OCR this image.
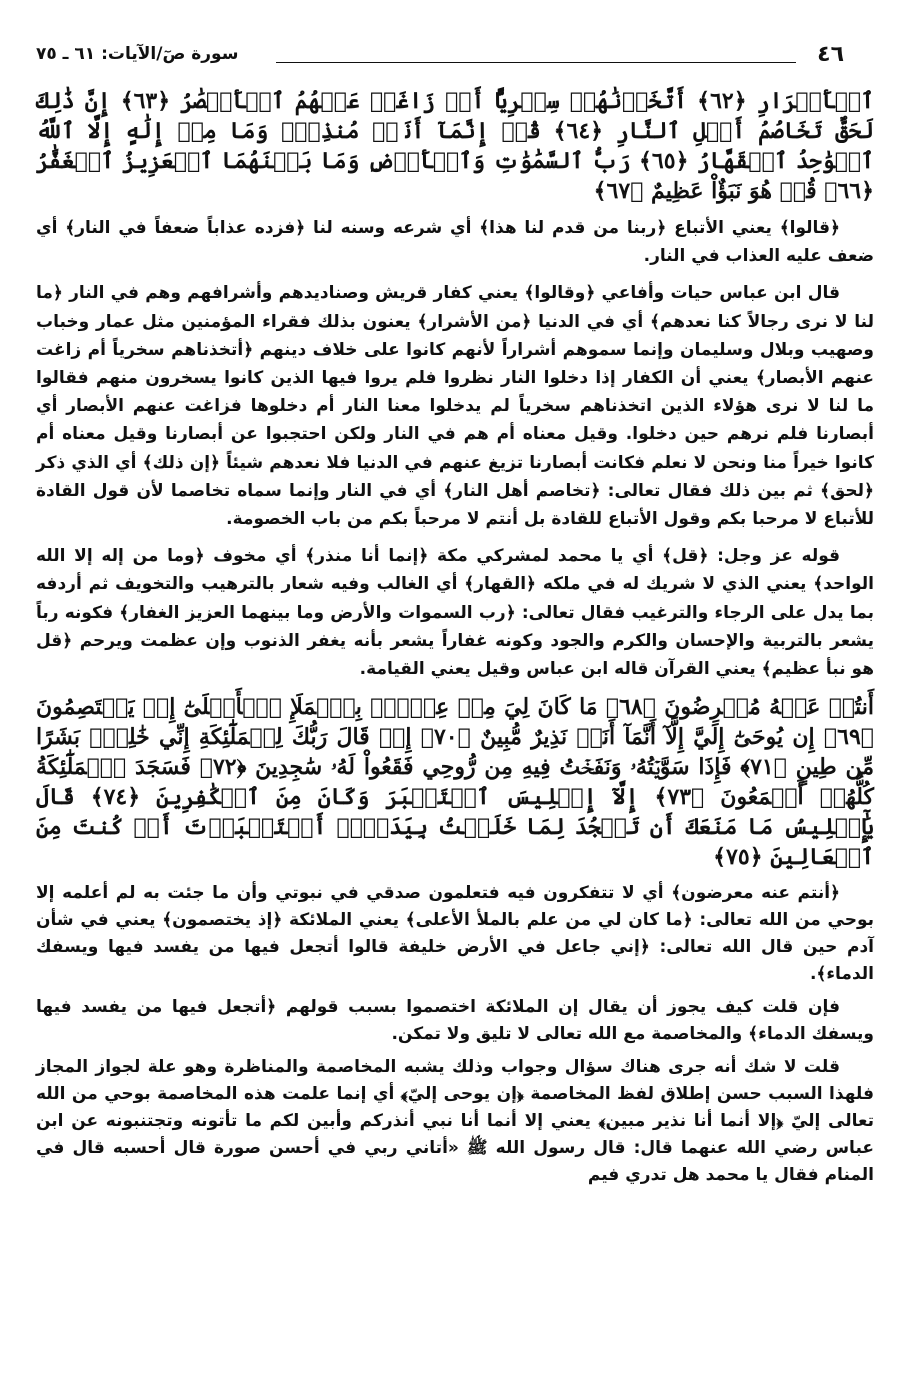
٤٦
سورة صٓ/الآيات: ٦١ ـ ٧٥

ٱلۡأَشۡرَارِ ﴿٦٢﴾ أَتَّخَذۡنَٰهُمۡ سِخۡرِيًّا أَمۡ زَاغَتۡ عَنۡهُمُ ٱلۡأَبۡصَٰرُ ﴿٦٣﴾ إِنَّ ذَٰلِكَ لَحَقٌّ تَخَاصُمُ أَهۡلِ ٱلنَّارِ ﴿٦٤﴾ قُلۡ إِنَّمَآ أَنَا۠ مُنذِرٌۖ وَمَا مِنۡ إِلَٰهٍ إِلَّا ٱللَّهُ ٱلۡوَٰحِدُ ٱلۡقَهَّارُ ﴿٦٥﴾ رَبُّ ٱلسَّمَٰوَٰتِ وَٱلۡأَرۡضِ وَمَا بَيۡنَهُمَا ٱلۡعَزِيزُ ٱلۡغَفَّٰرُ ﴿٦٦﴾ قُلۡ هُوَ نَبَؤٌاْ عَظِيمٌ ﴿٦٧﴾

﴿قالوا﴾ يعني الأتباع ﴿ربنا من قدم لنا هذا﴾ أي شرعه وسنه لنا ﴿فزده عذاباً ضعفاً في النار﴾ أي ضعف عليه العذاب في النار.

قال ابن عباس حيات وأفاعي ﴿وقالوا﴾ يعني كفار قريش وصناديدهم وأشرافهم وهم في النار ﴿ما لنا لا نرى رجالاً كنا نعدهم﴾ أي في الدنيا ﴿من الأشرار﴾ يعنون بذلك فقراء المؤمنين مثل عمار وخباب وصهيب وبلال وسليمان وإنما سموهم أشراراً لأنهم كانوا على خلاف دينهم ﴿أتخذناهم سخرياً أم زاغت عنهم الأبصار﴾ يعني أن الكفار إذا دخلوا النار نظروا فلم يروا فيها الذين كانوا يسخرون منهم فقالوا ما لنا لا نرى هؤلاء الذين اتخذناهم سخرياً لم يدخلوا معنا النار أم دخلوها فزاغت عنهم الأبصار أي أبصارنا فلم نرهم حين دخلوا. وقيل معناه أم هم في النار ولكن احتجبوا عن أبصارنا وقيل معناه أم كانوا خيراً منا ونحن لا نعلم فكانت أبصارنا تزيغ عنهم في الدنيا فلا نعدهم شيئاً ﴿إن ذلك﴾ أي الذي ذكر ﴿لحق﴾ ثم بين ذلك فقال تعالى: ﴿تخاصم أهل النار﴾ أي في النار وإنما سماه تخاصما لأن قول القادة للأتباع لا مرحبا بكم وقول الأتباع للقادة بل أنتم لا مرحباً بكم من باب الخصومة.

قوله عز وجل: ﴿قل﴾ أي يا محمد لمشركي مكة ﴿إنما أنا منذر﴾ أي مخوف ﴿وما من إله إلا الله الواحد﴾ يعني الذي لا شريك له في ملكه ﴿القهار﴾ أي الغالب وفيه شعار بالترهيب والتخويف ثم أردفه بما يدل على الرجاء والترغيب فقال تعالى: ﴿رب السموات والأرض وما بينهما العزيز الغفار﴾ فكونه رباً يشعر بالتربية والإحسان والكرم والجود وكونه غفاراً يشعر بأنه يغفر الذنوب وإن عظمت ويرحم ﴿قل هو نبأ عظيم﴾ يعني القرآن قاله ابن عباس وقيل يعني القيامة.

أَنتُمۡ عَنۡهُ مُعۡرِضُونَ ﴿٦٨﴾ مَا كَانَ لِيَ مِنۡ عِلۡمِۭ بِٱلۡمَلَإِ ٱلۡأَعۡلَىٰٓ إِذۡ يَخۡتَصِمُونَ ﴿٦٩﴾ إِن يُوحَىٰٓ إِلَيَّ إِلَّآ أَنَّمَآ أَنَا۠ نَذِيرٌ مُّبِينٌ ﴿٧٠﴾ إِذۡ قَالَ رَبُّكَ لِلۡمَلَٰٓئِكَةِ إِنِّي خَٰلِقُۢ بَشَرًا مِّن طِينٍ ﴿٧١﴾ فَإِذَا سَوَّيۡتُهُۥ وَنَفَخۡتُ فِيهِ مِن رُّوحِي فَقَعُواْ لَهُۥ سَٰجِدِينَ ﴿٧٢﴾ فَسَجَدَ ٱلۡمَلَٰٓئِكَةُ كُلُّهُمۡ أَجۡمَعُونَ ﴿٧٣﴾ إِلَّآ إِبۡلِيسَ ٱسۡتَكۡبَرَ وَكَانَ مِنَ ٱلۡكَٰفِرِينَ ﴿٧٤﴾ قَالَ يَٰٓإِبۡلِيسُ مَا مَنَعَكَ أَن تَسۡجُدَ لِمَا خَلَقۡتُ بِيَدَيَّۖ أَسۡتَكۡبَرۡتَ أَمۡ كُنتَ مِنَ ٱلۡعَالِينَ ﴿٧٥﴾

﴿أنتم عنه معرضون﴾ أي لا تتفكرون فيه فتعلمون صدقي في نبوتي وأن ما جئت به لم أعلمه إلا بوحي من الله تعالى: ﴿ما كان لي من علم بالملأ الأعلى﴾ يعني الملائكة ﴿إذ يختصمون﴾ يعني في شأن آدم حين قال الله تعالى: ﴿إني جاعل في الأرض خليفة قالوا أتجعل فيها من يفسد فيها ويسفك الدماء﴾.

فإن قلت كيف يجوز أن يقال إن الملائكة اختصموا بسبب قولهم ﴿أتجعل فيها من يفسد فيها ويسفك الدماء﴾ والمخاصمة مع الله تعالى لا تليق ولا تمكن.

قلت لا شك أنه جرى هناك سؤال وجواب وذلك يشبه المخاصمة والمناظرة وهو علة لجواز المجاز فلهذا السبب حسن إطلاق لفظ المخاصمة ﴿إن يوحى إليّ﴾ أي إنما علمت هذه المخاصمة بوحي من الله تعالى إليّ ﴿إلا أنما أنا نذير مبين﴾ يعني إلا أنما أنا نبي أنذركم وأبين لكم ما تأتونه وتجتنبونه عن ابن عباس رضي الله عنهما قال: قال رسول الله ﷺ «أتاني ربي في أحسن صورة قال أحسبه قال في المنام فقال يا محمد هل تدري فيم
